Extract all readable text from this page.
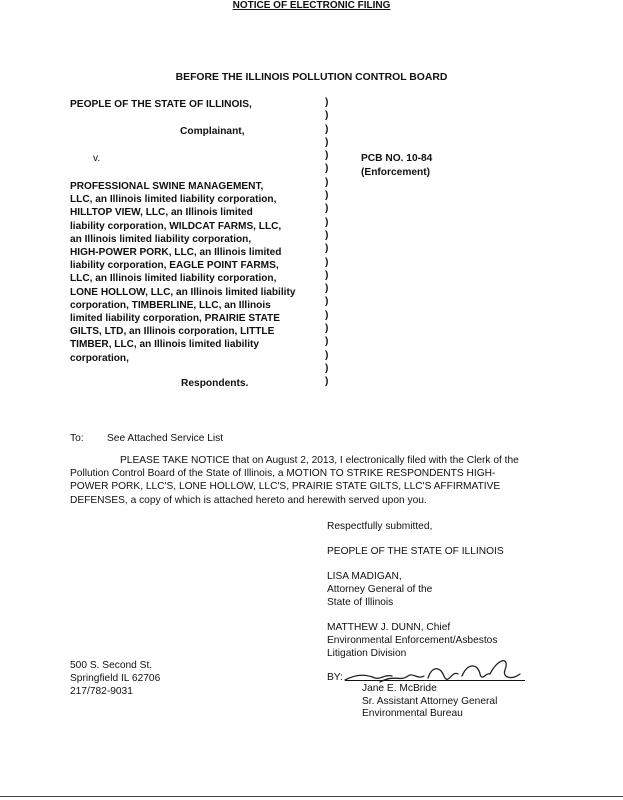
BEFORE THE ILLINOIS POLLUTION CONTROL BOARD
PEOPLE OF THE STATE OF ILLINOIS,
Complainant,
v.	PCB NO. 10-84
(Enforcement)
)
)
)
)
)
)
)
)
)
)
)
)
)
)
)
)
)
)
)
)
)
)
PROFESSIONAL SWINE MANAGEMENT,
LLC, an Illinois limited liability corporation,
HILLTOP VIEW, LLC, an Illinois limited
liability corporation, WILDCAT FARMS, LLC,
an Illinois limited liability corporation,
HIGH-POWER PORK, LLC, an Illinois limited
liability corporation, EAGLE POINT FARMS,
LLC, an Illinois limited liability corporation,
LONE HOLLOW, LLC, an Illinois limited liability
corporation, TIMBERLINE, LLC, an Illinois
limited liability corporation, PRAIRIE STATE
GILTS, LTD, an Illinois corporation, LITTLE
TIMBER, LLC, an Illinois limited liability
corporation,
Respondents.
NOTICE OF ELECTRONIC FILING
To: See Attached Service List
PLEASE TAKE NOTICE that on August 2, 2013, I electronically filed with the Clerk of the
Pollution Control Board of the State of Illinois, a MOTION TO STRIKE RESPONDENTS HIGH-
POWER PORK, LLC'S, LONE HOLLOW, LLC'S, PRAIRIE STATE GILTS, LLC'S AFFIRMATIVE
DEFENSES, a copy of which is attached hereto and herewith served upon you.
Respectfully submitted,
PEOPLE OF THE STATE OF ILLINOIS
LISA MADIGAN,
Attorney General of the
State of Illinois
MATTHEW J. DUNN, Chief
Environmental Enforcement/Asbestos
Litigation Division
500 S. Second St.
Springfield IL 62706
217/782-9031
BY:
Jane E. McBride
Sr. Assistant Attorney General
Environmental Bureau
